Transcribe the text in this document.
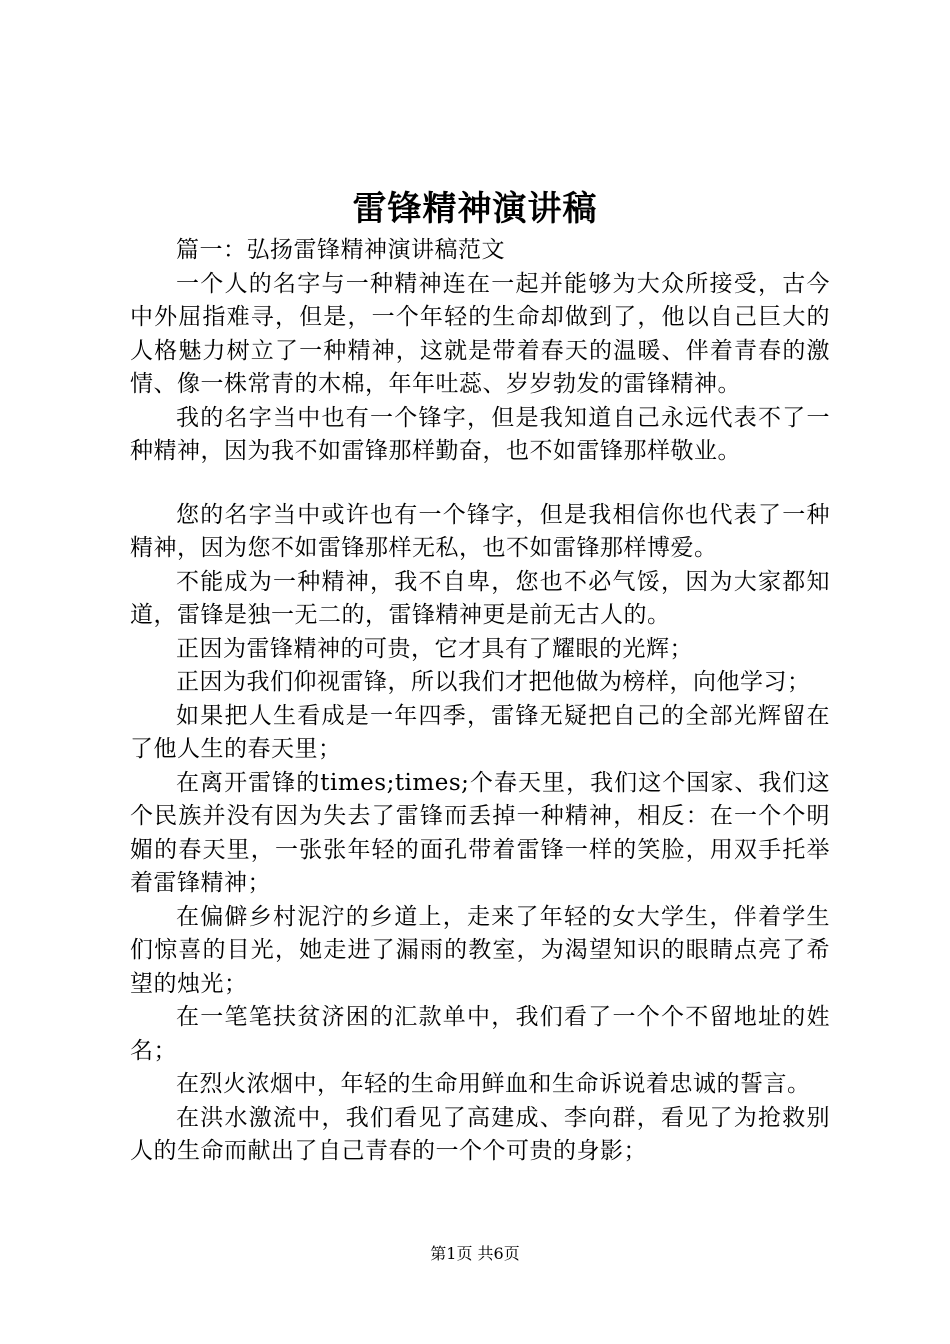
雷锋精神演讲稿

篇一：弘扬雷锋精神演讲稿范文

一个人的名字与一种精神连在一起并能够为大众所接受，古今中外屈指难寻，但是，一个年轻的生命却做到了，他以自己巨大的人格魅力树立了一种精神，这就是带着春天的温暖、伴着青春的激情、像一株常青的木棉，年年吐蕊、岁岁勃发的雷锋精神。

我的名字当中也有一个锋字，但是我知道自己永远代表不了一种精神，因为我不如雷锋那样勤奋，也不如雷锋那样敬业。

您的名字当中或许也有一个锋字，但是我相信你也代表了一种精神，因为您不如雷锋那样无私，也不如雷锋那样博爱。

不能成为一种精神，我不自卑，您也不必气馁，因为大家都知道，雷锋是独一无二的，雷锋精神更是前无古人的。

正因为雷锋精神的可贵，它才具有了耀眼的光辉；

正因为我们仰视雷锋，所以我们才把他做为榜样，向他学习；

如果把人生看成是一年四季，雷锋无疑把自己的全部光辉留在了他人生的春天里；

在离开雷锋的times;times;个春天里，我们这个国家、我们这个民族并没有因为失去了雷锋而丢掉一种精神，相反：在一个个明媚的春天里，一张张年轻的面孔带着雷锋一样的笑脸，用双手托举着雷锋精神；

在偏僻乡村泥泞的乡道上，走来了年轻的女大学生，伴着学生们惊喜的目光，她走进了漏雨的教室，为渴望知识的眼睛点亮了希望的烛光；

在一笔笔扶贫济困的汇款单中，我们看了一个个不留地址的姓名；

在烈火浓烟中，年轻的生命用鲜血和生命诉说着忠诚的誓言。

在洪水激流中，我们看见了高建成、李向群，看见了为抢救别人的生命而献出了自己青春的一个个可贵的身影；

第1页 共6页
